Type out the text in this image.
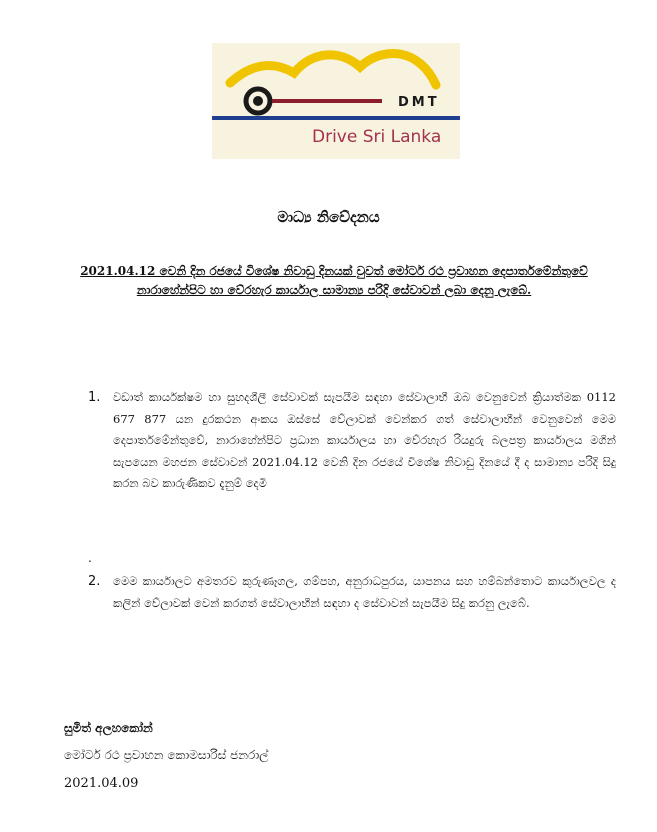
DMT
Drive Sri Lanka
මාධ්‍ය නිවේදනය
2021.04.12 වෙනි දින රජයේ විශේෂ නිවාඩු දිනයක් වුවත් මෝටර් රථ ප්‍රවාහන දෙපාර්තමේන්තුවේ නාරාහේන්පිට හා වේරහැර කාර්යාල සාමාන්‍ය පරිදි සේවාවන් ලබා දෙනු ලැබේ.
1.	වඩාත් කාර්යක්ෂම හා සුහදශීලී සේවාවක් සැපයීම සඳහා සේවාලාභී ඔබ වෙනුවෙන් ක්‍රියාත්මක 0112 677 877 යන දුරකථන අංකය ඔස්සේ වේලාවක් වෙන්කර ගත් සේවාලාභීන් වෙනුවෙන් මෙම දෙපාර්තමේන්තුවේ, නාරාහේන්පිට ප්‍රධාන කාර්යාලය හා වේරහැර රියදුරු බලපත්‍ර කාර්යාලය මගින් සැපයෙන මහජන සේවාවන් 2021.04.12 වෙනි දින රජයේ විශේෂ නිවාඩු දිනයේ දී ද සාමාන්‍ය පරිදි සිදු කරන බව කාරුණිකව දැනුම් දෙමි
.
2.	මෙම කාර්යාලට අමතරව කුරුණෑගල, ගම්පහ, අනුරාධපුරය, යාපනය සහ හම්බන්තොට කාර්යාලවල ද කලින් වේලාවක් වෙන් කරගත් සේවාලාභීන් සඳහා ද සේවාවන් සැපයීම සිදු කරනු ලැබේ.
සුමිත් අලහකෝන්
මෝටර් රථ ප්‍රවාහන කොමසාරිස් ජනරාල්
2021.04.09
